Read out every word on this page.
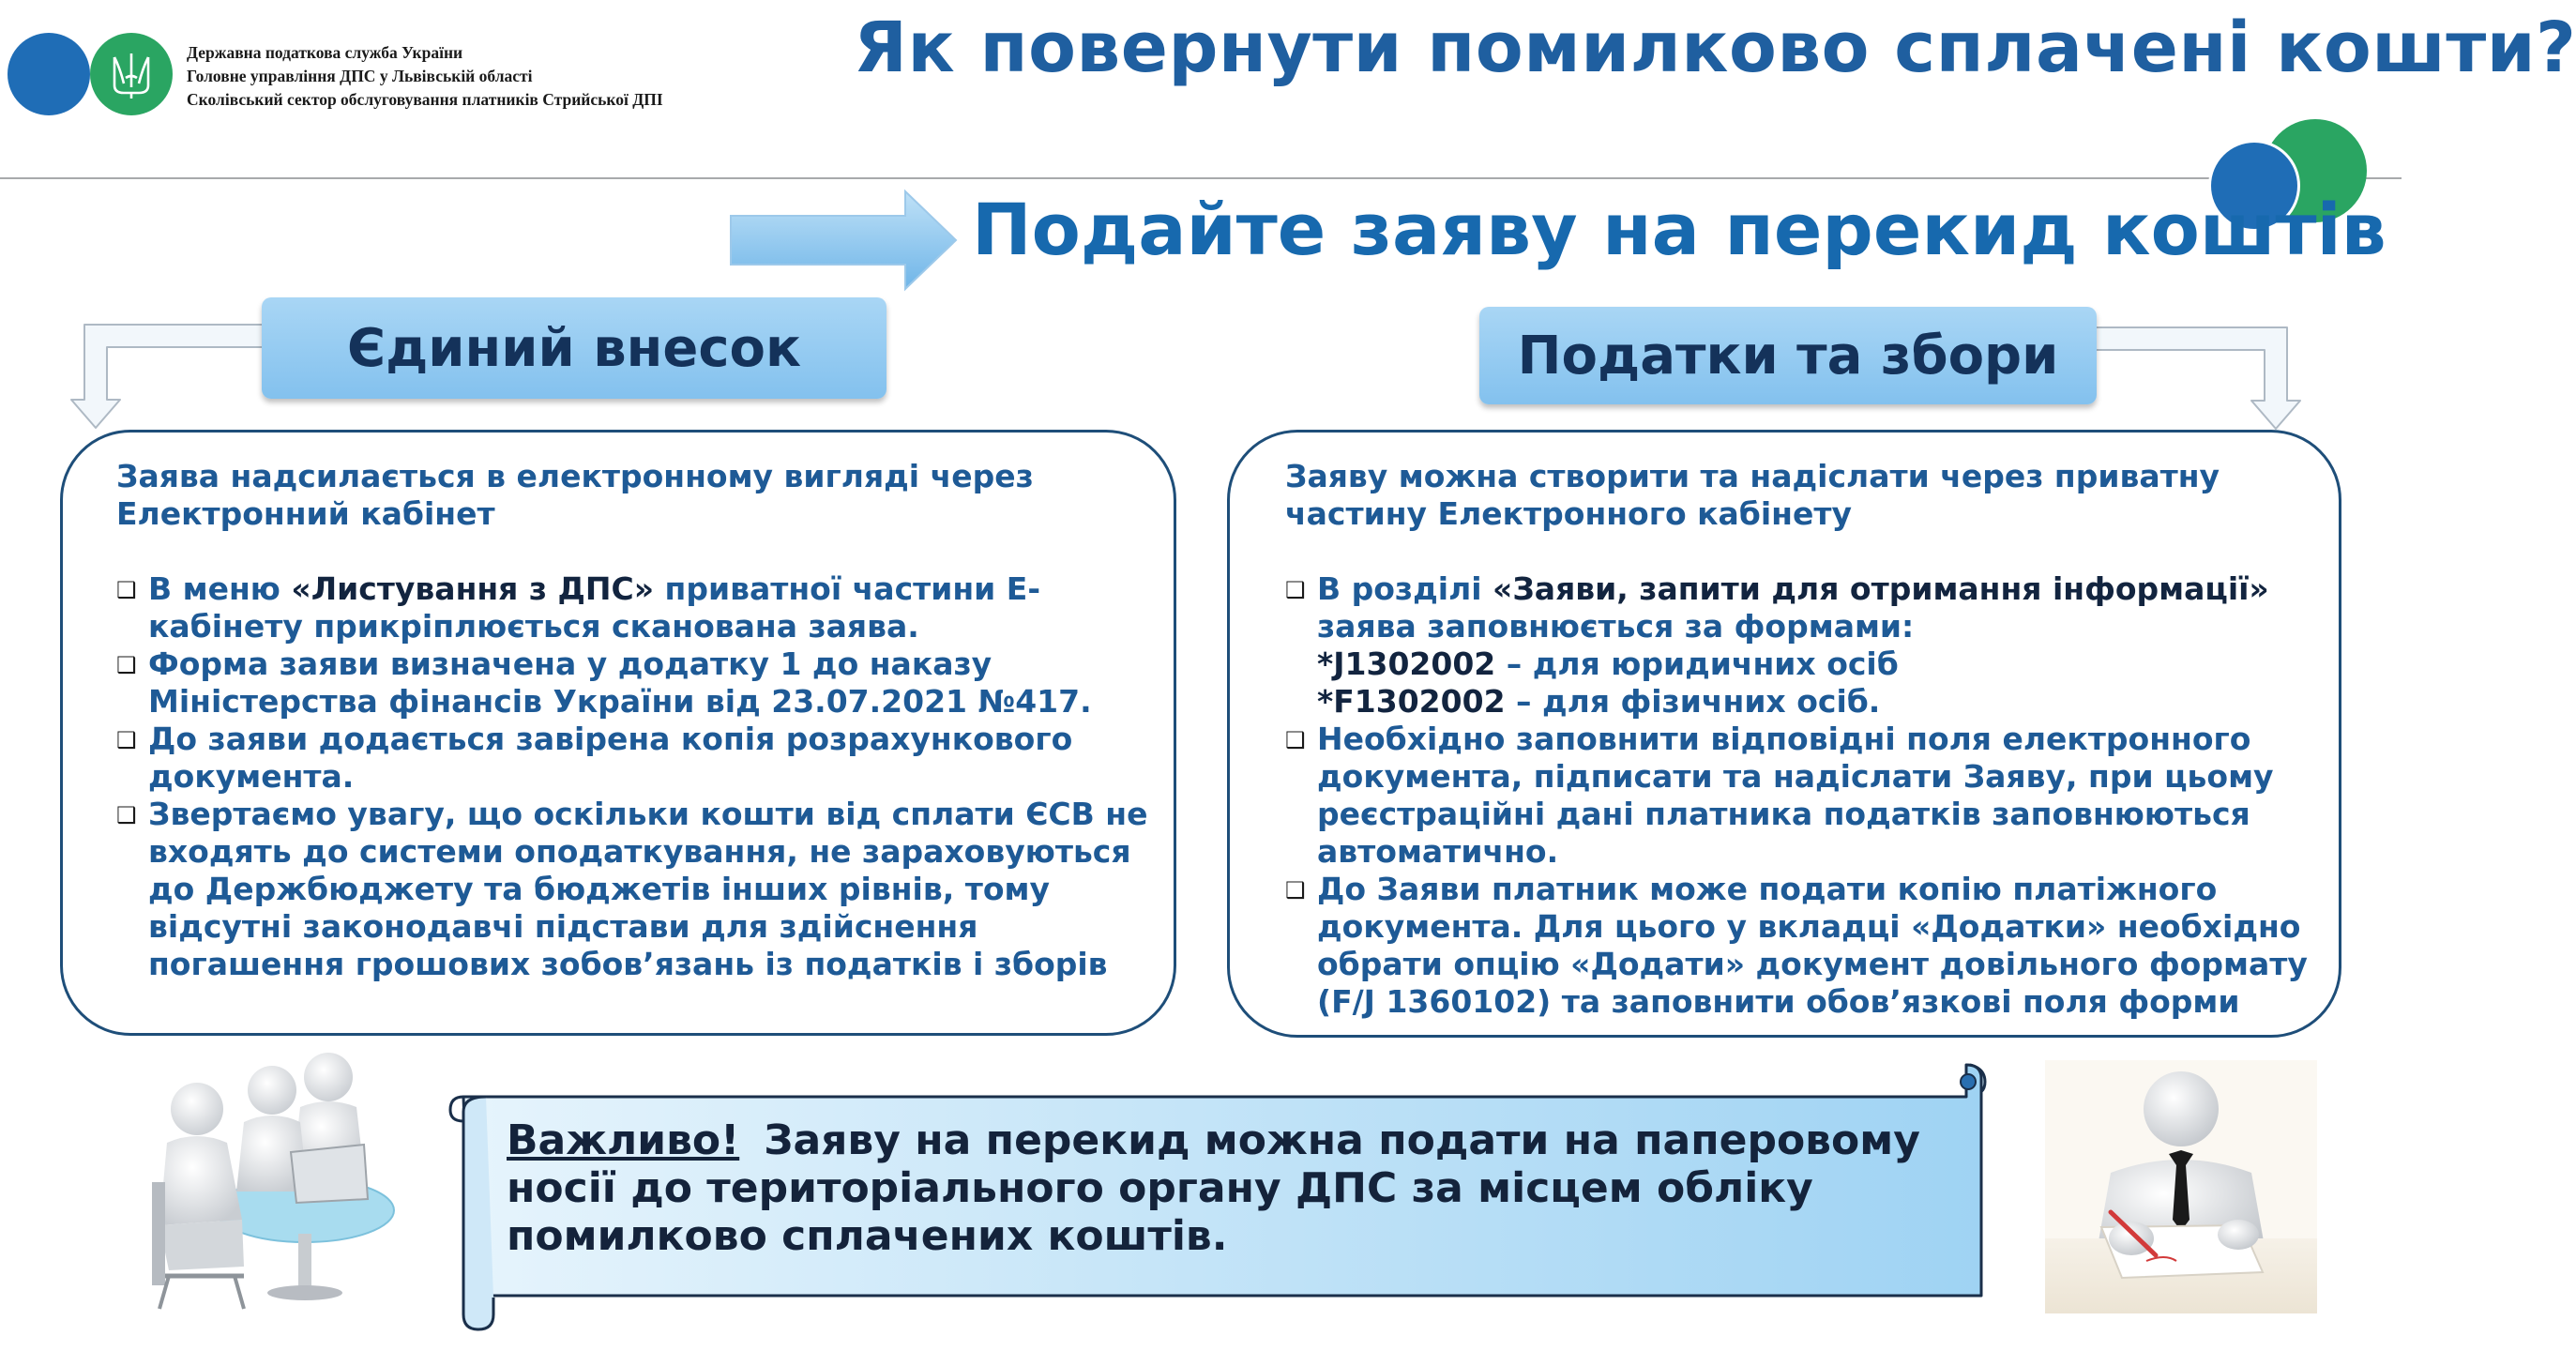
Державна податкова служба України
Головне управління ДПС у Львівській області
Сколівський сектор обслуговування платників Стрийської ДПІ
Як повернути помилково сплачені кошти?
Подайте заяву на перекид коштів
Єдиний внесок	Податки та збори

Заява надсилається в електронному вигляді через Електронний кабінет

❑ В меню «Листування з ДПС» приватної частини Е-кабінету прикріплюється сканована заява.
❑ Форма заяви визначена у додатку 1 до наказу Міністерства фінансів України від 23.07.2021 №417.
❑ До заяви додається завірена копія розрахункового документа.
❑ Звертаємо увагу, що оскільки кошти від сплати ЄСВ не входять до системи оподаткування, не зараховуються до Держбюджету та бюджетів інших рівнів, тому відсутні законодавчі підстави для здійснення погашення грошових зобов’язань із податків і зборів

Заяву можна створити та надіслати через приватну частину Електронного кабінету

❑ В розділі «Заяви, запити для отримання інформації» заява заповнюється за формами:
*J1302002 – для юридичних осіб
*F1302002 – для фізичних осіб.
❑ Необхідно заповнити відповідні поля електронного документа, підписати та надіслати Заяву, при цьому реєстраційні дані платника податків заповнюються автоматично.
❑ До Заяви платник може подати копію платіжного документа. Для цього у вкладці «Додатки» необхідно обрати опцію «Додати» документ довільного формату (F/J 1360102) та заповнити обов’язкові поля форми
Важливо! Заяву на перекид можна подати на паперовому носії до територіального органу ДПС за місцем обліку помилково сплачених коштів.
